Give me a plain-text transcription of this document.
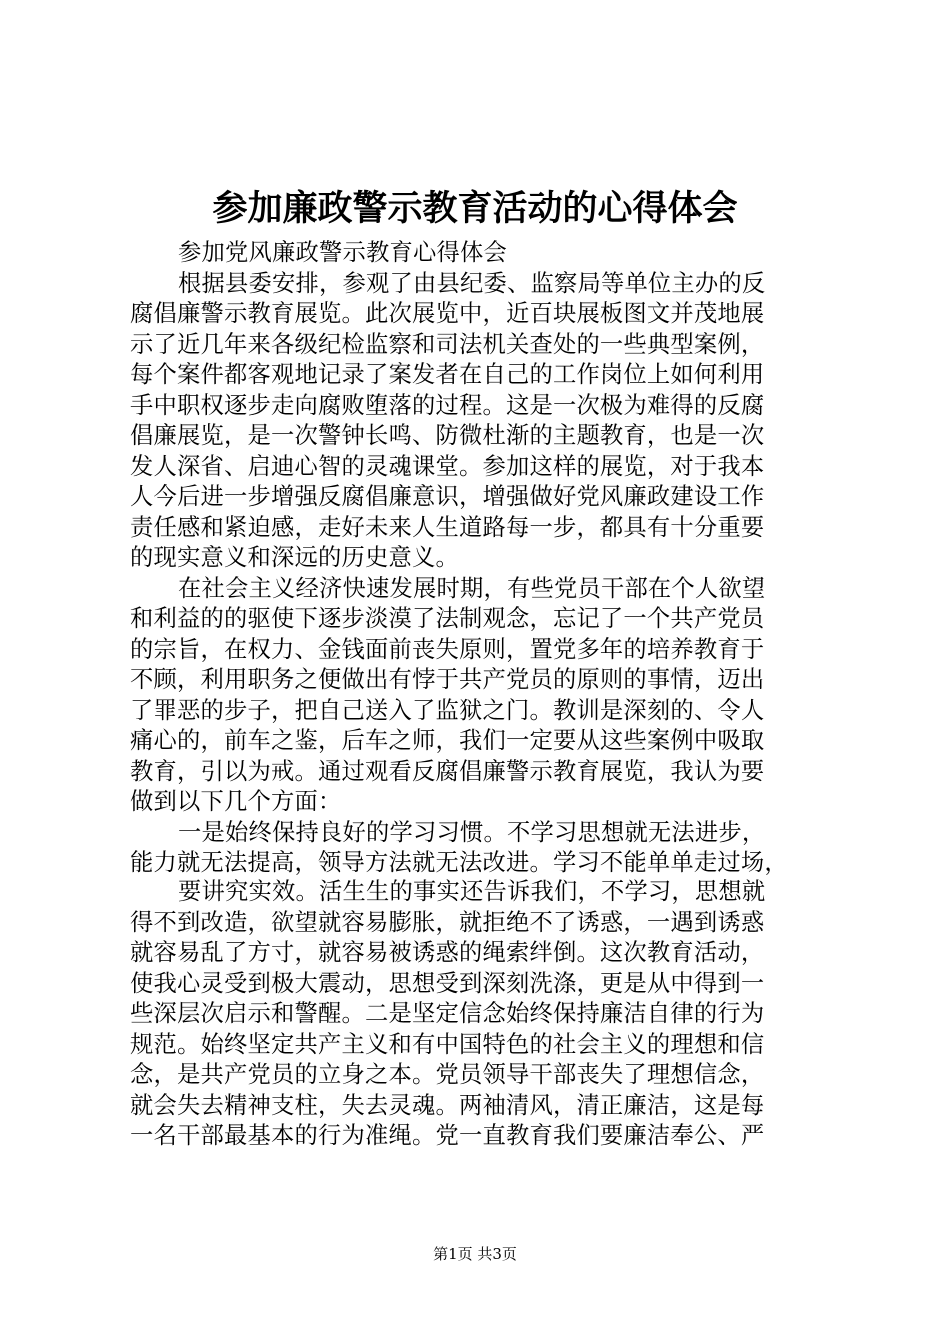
参加廉政警示教育活动的心得体会
参加党风廉政警示教育心得体会
根据县委安排，参观了由县纪委、监察局等单位主办的反
腐倡廉警示教育展览。此次展览中，近百块展板图文并茂地展
示了近几年来各级纪检监察和司法机关查处的一些典型案例，
每个案件都客观地记录了案发者在自己的工作岗位上如何利用
手中职权逐步走向腐败堕落的过程。这是一次极为难得的反腐
倡廉展览，是一次警钟长鸣、防微杜渐的主题教育，也是一次
发人深省、启迪心智的灵魂课堂。参加这样的展览，对于我本
人今后进一步增强反腐倡廉意识，增强做好党风廉政建设工作
责任感和紧迫感，走好未来人生道路每一步，都具有十分重要
的现实意义和深远的历史意义。
在社会主义经济快速发展时期，有些党员干部在个人欲望
和利益的的驱使下逐步淡漠了法制观念，忘记了一个共产党员
的宗旨，在权力、金钱面前丧失原则，置党多年的培养教育于
不顾，利用职务之便做出有悖于共产党员的原则的事情，迈出
了罪恶的步子，把自己送入了监狱之门。教训是深刻的、令人
痛心的，前车之鉴，后车之师，我们一定要从这些案例中吸取
教育，引以为戒。通过观看反腐倡廉警示教育展览，我认为要
做到以下几个方面：
一是始终保持良好的学习习惯。不学习思想就无法进步，
能力就无法提高，领导方法就无法改进。学习不能单单走过场，
要讲究实效。活生生的事实还告诉我们，不学习，思想就
得不到改造，欲望就容易膨胀，就拒绝不了诱惑，一遇到诱惑
就容易乱了方寸，就容易被诱惑的绳索绊倒。这次教育活动，
使我心灵受到极大震动，思想受到深刻洗涤，更是从中得到一
些深层次启示和警醒。二是坚定信念始终保持廉洁自律的行为
规范。始终坚定共产主义和有中国特色的社会主义的理想和信
念，是共产党员的立身之本。党员领导干部丧失了理想信念，
就会失去精神支柱，失去灵魂。两袖清风，清正廉洁，这是每
一名干部最基本的行为准绳。党一直教育我们要廉洁奉公、严
第1页 共3页
